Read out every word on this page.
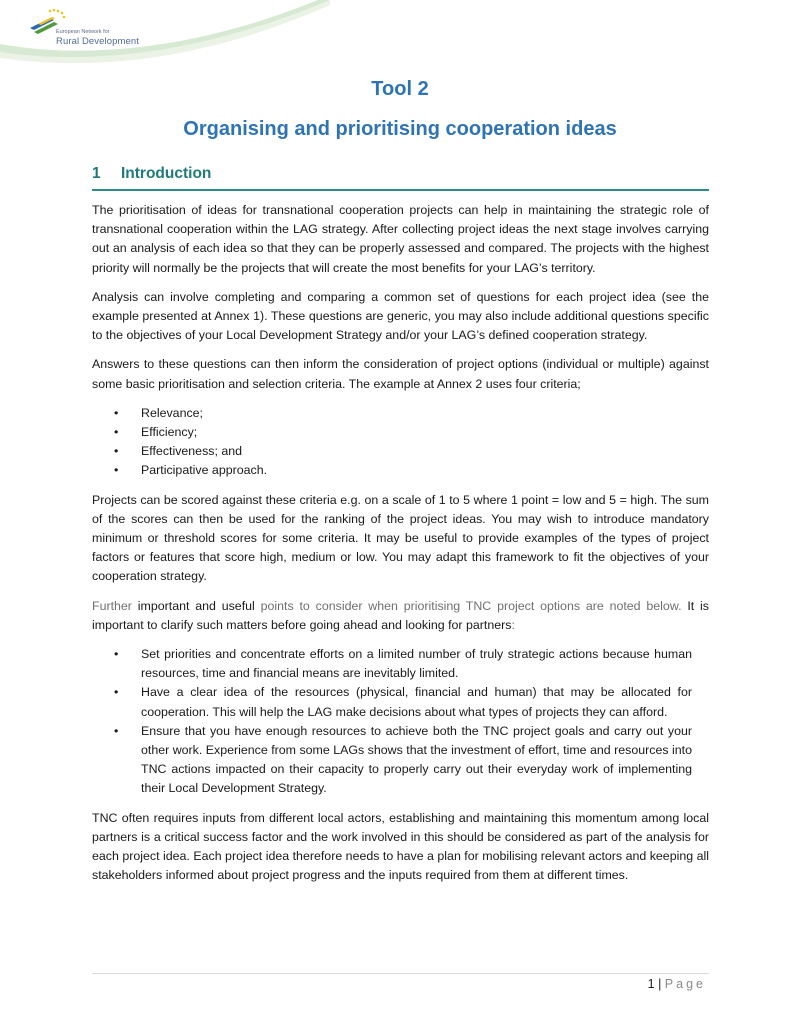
European Network for
Rural Development
Tool 2
Organising and prioritising cooperation ideas
1 Introduction

The prioritisation of ideas for transnational cooperation projects can help in maintaining the strategic role of transnational cooperation within the LAG strategy. After collecting project ideas the next stage involves carrying out an analysis of each idea so that they can be properly assessed and compared. The projects with the highest priority will normally be the projects that will create the most benefits for your LAG’s territory.

Analysis can involve completing and comparing a common set of questions for each project idea (see the example presented at Annex 1). These questions are generic, you may also include additional questions specific to the objectives of your Local Development Strategy and/or your LAG’s defined cooperation strategy.

Answers to these questions can then inform the consideration of project options (individual or multiple) against some basic prioritisation and selection criteria. The example at Annex 2 uses four criteria;

• Relevance;
• Efficiency;
• Effectiveness; and
• Participative approach.

Projects can be scored against these criteria e.g. on a scale of 1 to 5 where 1 point = low and 5 = high. The sum of the scores can then be used for the ranking of the project ideas. You may wish to introduce mandatory minimum or threshold scores for some criteria. It may be useful to provide examples of the types of project factors or features that score high, medium or low. You may adapt this framework to fit the objectives of your cooperation strategy.

Further important and useful points to consider when prioritising TNC project options are noted below. It is important to clarify such matters before going ahead and looking for partners:

• Set priorities and concentrate efforts on a limited number of truly strategic actions because human resources, time and financial means are inevitably limited.
• Have a clear idea of the resources (physical, financial and human) that may be allocated for cooperation. This will help the LAG make decisions about what types of projects they can afford.
• Ensure that you have enough resources to achieve both the TNC project goals and carry out your other work. Experience from some LAGs shows that the investment of effort, time and resources into TNC actions impacted on their capacity to properly carry out their everyday work of implementing their Local Development Strategy.

TNC often requires inputs from different local actors, establishing and maintaining this momentum among local partners is a critical success factor and the work involved in this should be considered as part of the analysis for each project idea. Each project idea therefore needs to have a plan for mobilising relevant actors and keeping all stakeholders informed about project progress and the inputs required from them at different times.

1 | Page
